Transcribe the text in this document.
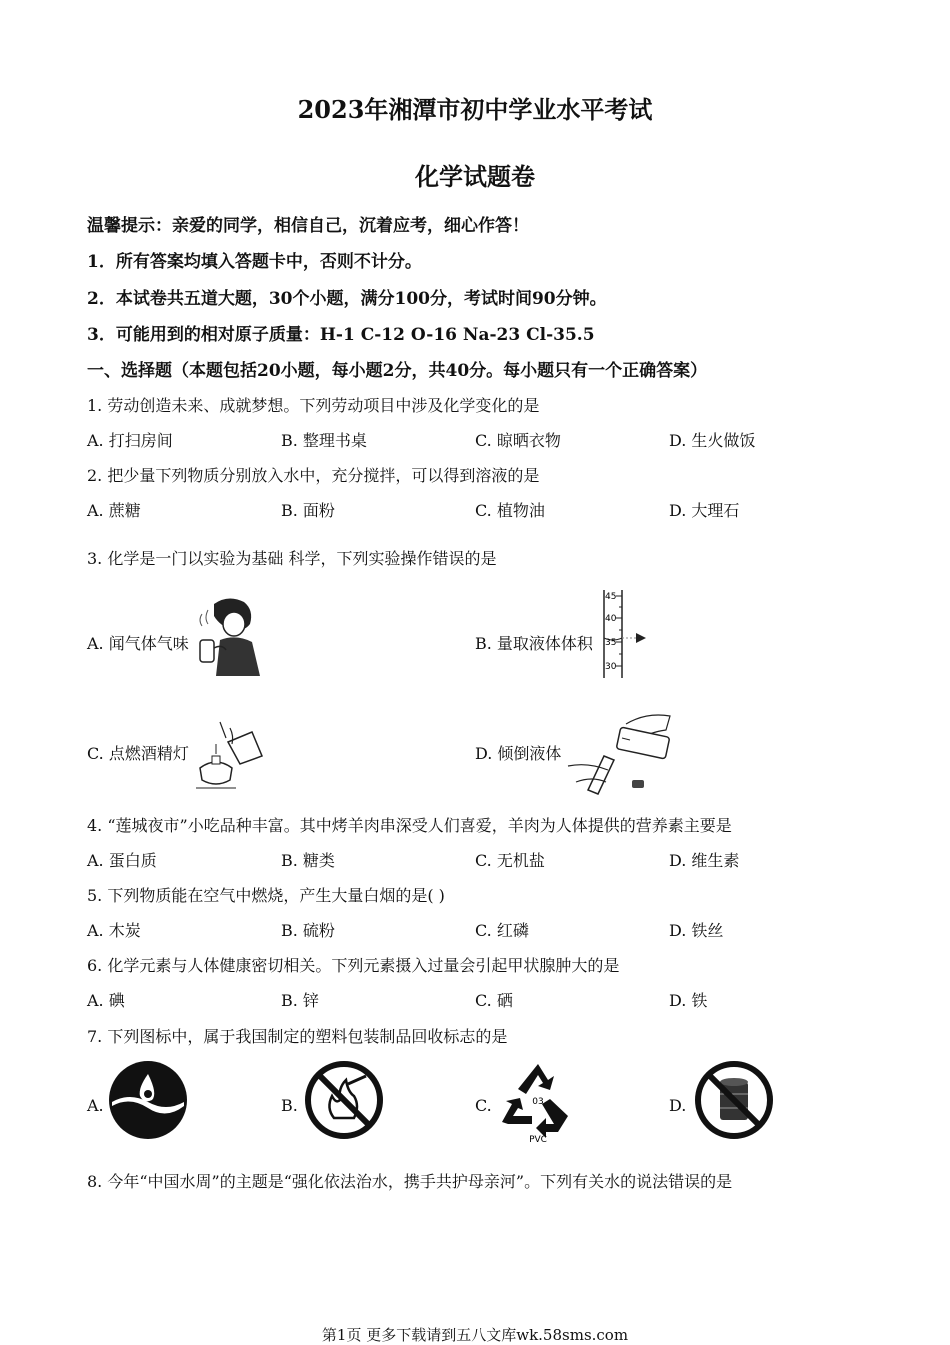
2023年湘潭市初中学业水平考试
化学试题卷
温馨提示：亲爱的同学，相信自己，沉着应考，细心作答！
1．所有答案均填入答题卡中，否则不计分。
2．本试卷共五道大题，30个小题，满分100分，考试时间90分钟。
3．可能用到的相对原子质量：H-1 C-12 O-16 Na-23 Cl-35.5
一、选择题（本题包括20小题，每小题2分，共40分。每小题只有一个正确答案）
1. 劳动创造未来、成就梦想。下列劳动项目中涉及化学变化的是
A. 打扫房间	B. 整理书桌	C. 晾晒衣物	D. 生火做饭
2. 把少量下列物质分别放入水中，充分搅拌，可以得到溶液的是
A. 蔗糖	B. 面粉	C. 植物油	D. 大理石
3. 化学是一门以实验为基础 科学，下列实验操作错误的是
A. 闻气体气味	B. 量取液体体积
C. 点燃酒精灯	D. 倾倒液体
45
40
35
30
4. “莲城夜市”小吃品种丰富。其中烤羊肉串深受人们喜爱，羊肉为人体提供的营养素主要是
A. 蛋白质	B. 糖类	C. 无机盐	D. 维生素
5. 下列物质能在空气中燃烧，产生大量白烟的是( )
A. 木炭	B. 硫粉	C. 红磷	D. 铁丝
6. 化学元素与人体健康密切相关。下列元素摄入过量会引起甲状腺肿大的是
A. 碘	B. 锌	C. 硒	D. 铁
7. 下列图标中，属于我国制定的塑料包装制品回收标志的是
A.	B.	C.	D.
03
PVC
8. 今年“中国水周”的主题是“强化依法治水，携手共护母亲河”。下列有关水的说法错误的是
第1页 更多下载请到五八文库wk.58sms.com
